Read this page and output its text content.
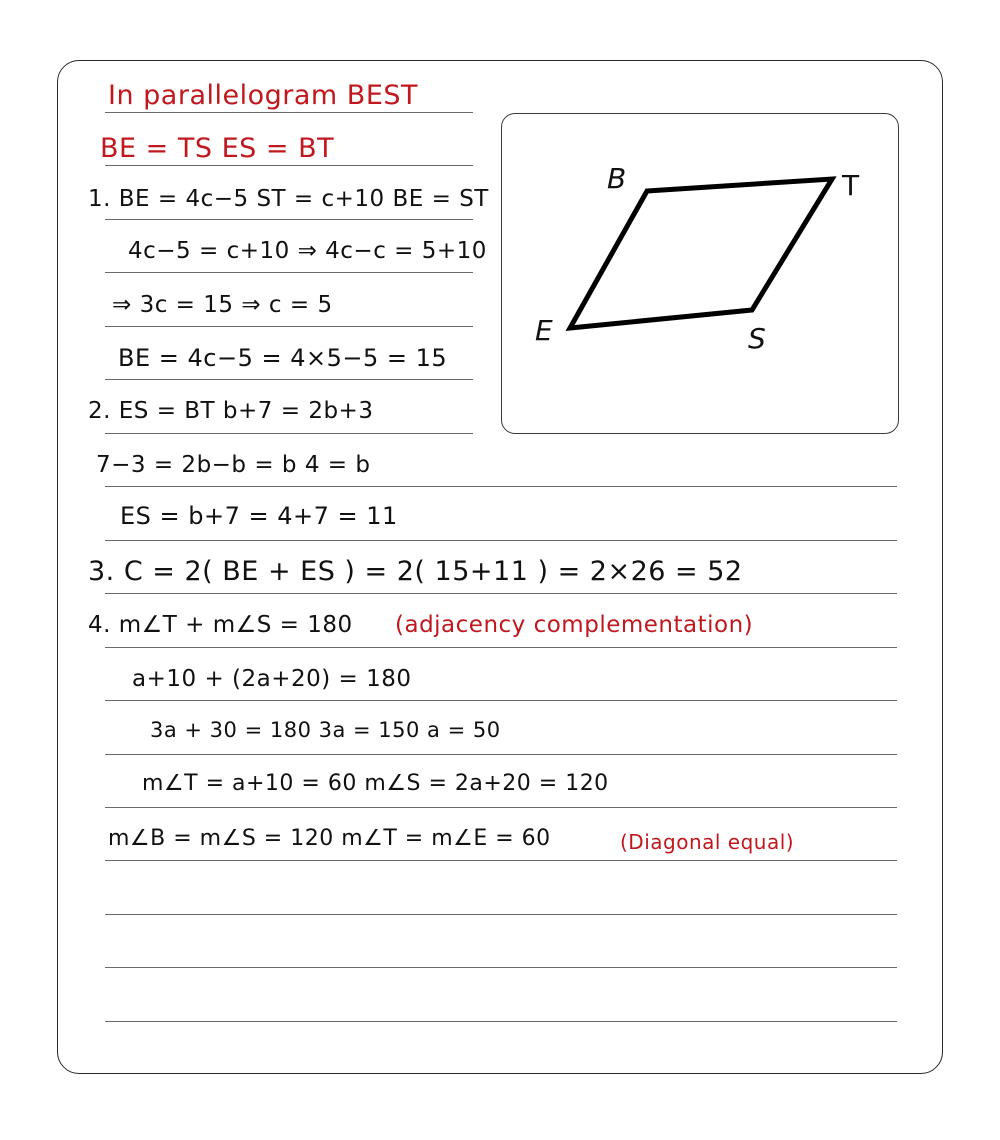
In parallelogram BEST
BE = TS ES = BT
1. BE = 4c−5 ST = c+10 BE = ST
4c−5 = c+10 ⇒ 4c−c = 5+10
⇒ 3c = 15 ⇒ c = 5
BE = 4c−5 = 4×5−5 = 15
2. ES = BT b+7 = 2b+3
7−3 = 2b−b = b 4 = b
ES = b+7 = 4+7 = 11
3. C = 2( BE + ES ) = 2( 15+11 ) = 2×26 = 52
4. m∠T + m∠S = 180 (adjacency complementation)
a+10 + (2a+20) = 180
3a + 30 = 180 3a = 150 a = 50
m∠T = a+10 = 60 m∠S = 2a+20 = 120
m∠B = m∠S = 120 m∠T = m∠E = 60	(Diagonal equal)
B	T
E	S
